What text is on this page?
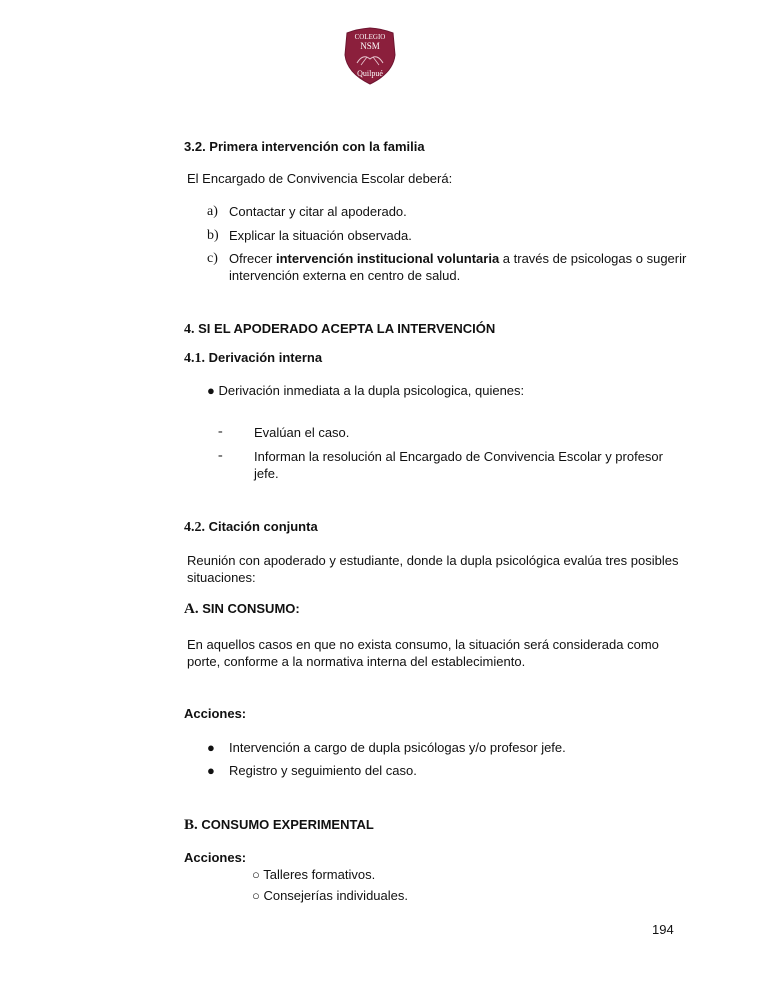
COLEGIO
NSM
Quilpué
3.2. Primera intervención con la familia
El Encargado de Convivencia Escolar deberá:
a) Contactar y citar al apoderado.
b) Explicar la situación observada.
c) Ofrecer intervención institucional voluntaria a través de psicologas o sugerir
intervención externa en centro de salud.
4. SI EL APODERADO ACEPTA LA INTERVENCIÓN
4.1. Derivación interna
● Derivación inmediata a la dupla psicologica, quienes:
- Evalúan el caso.
- Informan la resolución al Encargado de Convivencia Escolar y profesor
jefe.
4.2. Citación conjunta
Reunión con apoderado y estudiante, donde la dupla psicológica evalúa tres posibles
situaciones:
A. SIN CONSUMO:
En aquellos casos en que no exista consumo, la situación será considerada como
porte, conforme a la normativa interna del establecimiento.
Acciones:
● Intervención a cargo de dupla psicólogas y/o profesor jefe.
● Registro y seguimiento del caso.
B. CONSUMO EXPERIMENTAL
Acciones:
○ Talleres formativos.
○ Consejerías individuales.
194
